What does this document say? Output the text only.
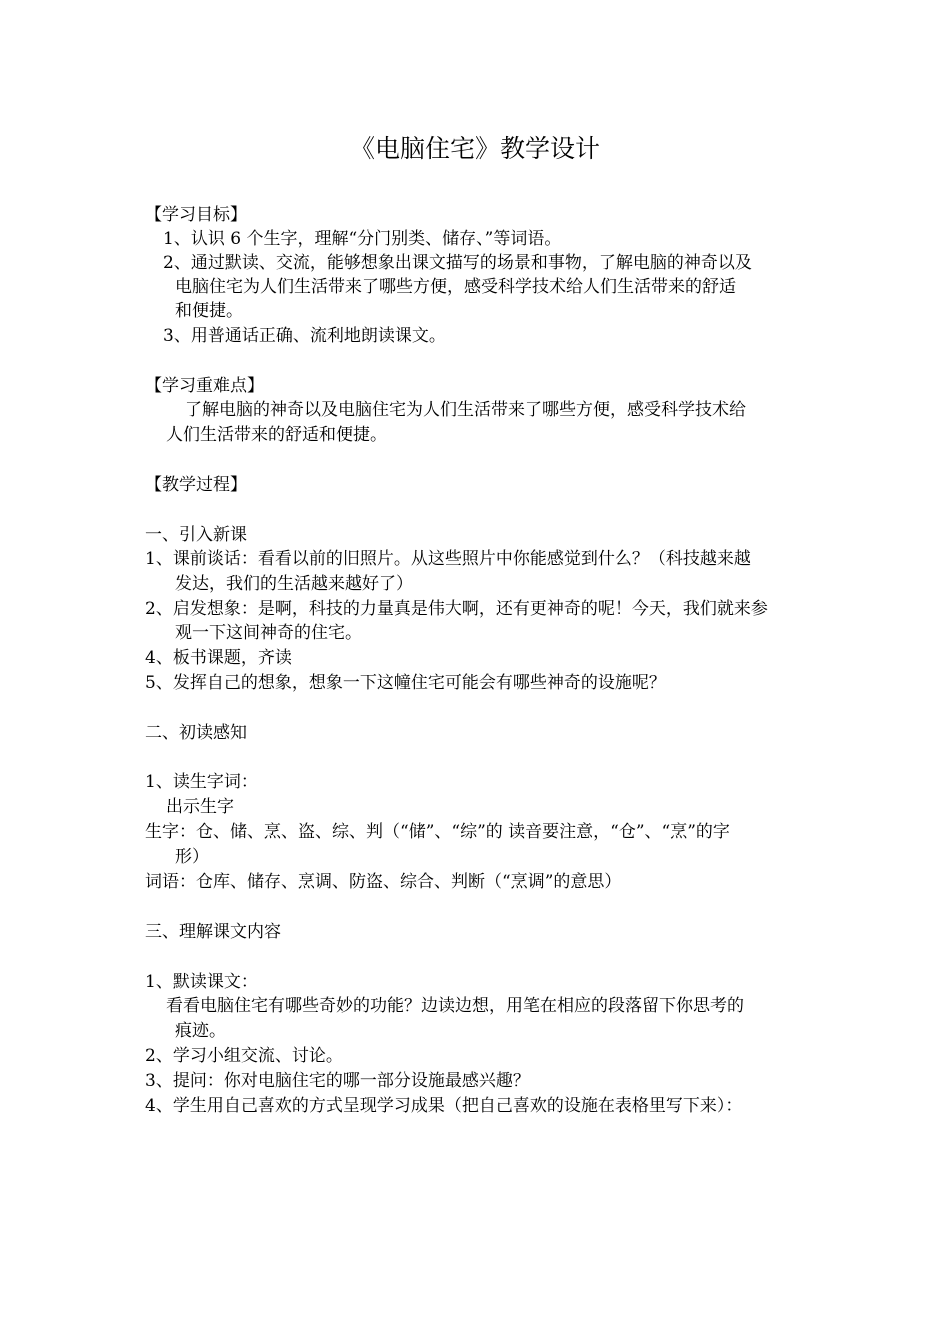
《电脑住宅》教学设计
【学习目标】
1、认识 6 个生字，理解“分门别类、储存、”等词语。
2、通过默读、交流，能够想象出课文描写的场景和事物，了解电脑的神奇以及
电脑住宅为人们生活带来了哪些方便，感受科学技术给人们生活带来的舒适
和便捷。
3、用普通话正确、流利地朗读课文。
【学习重难点】
了解电脑的神奇以及电脑住宅为人们生活带来了哪些方便，感受科学技术给
人们生活带来的舒适和便捷。
【教学过程】
一、引入新课
1、课前谈话：看看以前的旧照片。从这些照片中你能感觉到什么？（科技越来越
发达，我们的生活越来越好了）
2、启发想象：是啊，科技的力量真是伟大啊，还有更神奇的呢！今天，我们就来参
观一下这间神奇的住宅。
4、板书课题，齐读
5、发挥自己的想象，想象一下这幢住宅可能会有哪些神奇的设施呢？
二、初读感知
1、读生字词：
出示生字
生字：仓、储、烹、盗、综、判（“储”、“综”的 读音要注意，“仓”、“烹”的字
形）
词语：仓库、储存、烹调、防盗、综合、判断（“烹调”的意思）
三、理解课文内容
1、默读课文：
看看电脑住宅有哪些奇妙的功能？边读边想，用笔在相应的段落留下你思考的
痕迹。
2、学习小组交流、讨论。
3、提问：你对电脑住宅的哪一部分设施最感兴趣？
4、学生用自己喜欢的方式呈现学习成果（把自己喜欢的设施在表格里写下来）：
